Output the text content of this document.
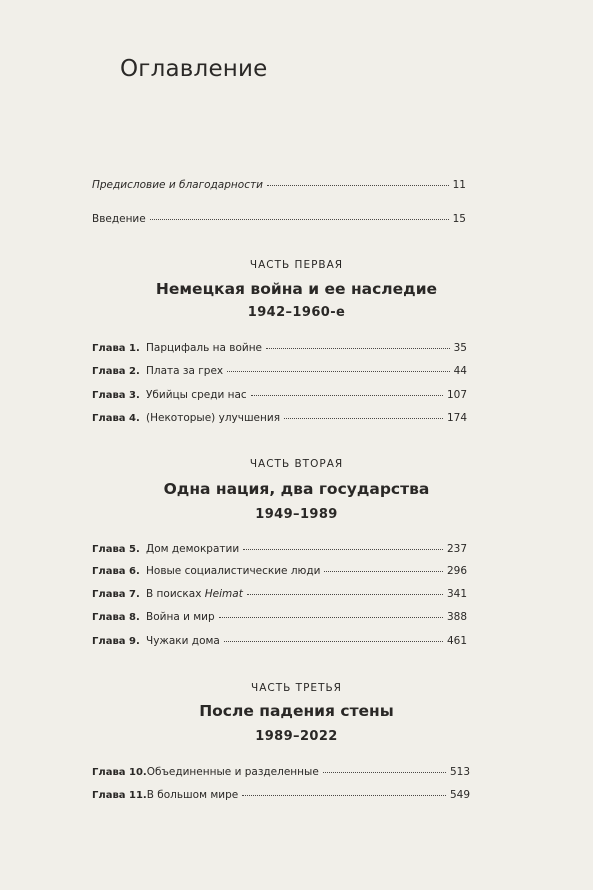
Оглавление
Предисловие и благодарности	11
Введение	15
ЧАСТЬ ПЕРВАЯ
Немецкая война и ее наследие
1942–1960-е
Глава 1. Парцифаль на войне	35
Глава 2. Плата за грех	44
Глава 3. Убийцы среди нас	107
Глава 4. (Некоторые) улучшения	174
ЧАСТЬ ВТОРАЯ
Одна нация, два государства
1949–1989
Глава 5. Дом демократии	237
Глава 6. Новые социалистические люди	296
Глава 7. В поисках Heimat	341
Глава 8. Война и мир	388
Глава 9. Чужаки дома	461
ЧАСТЬ ТРЕТЬЯ
После падения стены
1989–2022
Глава 10. Объединенные и разделенные	513
Глава 11. В большом мире	549
